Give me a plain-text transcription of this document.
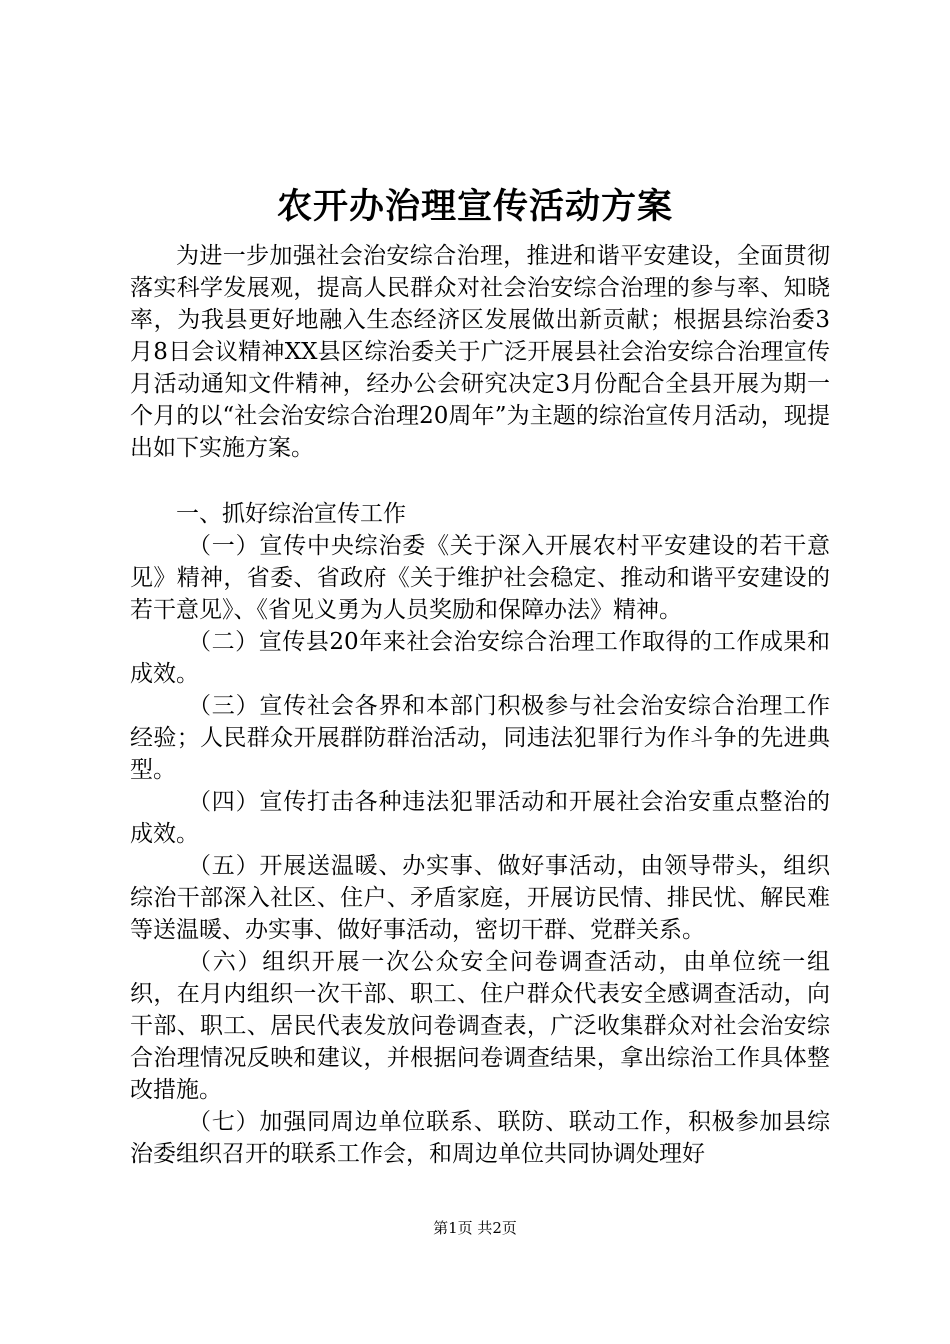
农开办治理宣传活动方案

为进一步加强社会治安综合治理，推进和谐平安建设，全面贯彻落实科学发展观，提高人民群众对社会治安综合治理的参与率、知晓率，为我县更好地融入生态经济区发展做出新贡献；根据县综治委3月8日会议精神XX县区综治委关于广泛开展县社会治安综合治理宣传月活动通知文件精神，经办公会研究决定3月份配合全县开展为期一个月的以“社会治安综合治理20周年”为主题的综治宣传月活动，现提出如下实施方案。

一、抓好综治宣传工作

（一）宣传中央综治委《关于深入开展农村平安建设的若干意见》精神，省委、省政府《关于维护社会稳定、推动和谐平安建设的若干意见》、《省见义勇为人员奖励和保障办法》精神。

（二）宣传县20年来社会治安综合治理工作取得的工作成果和成效。

（三）宣传社会各界和本部门积极参与社会治安综合治理工作经验；人民群众开展群防群治活动，同违法犯罪行为作斗争的先进典型。

（四）宣传打击各种违法犯罪活动和开展社会治安重点整治的成效。

（五）开展送温暖、办实事、做好事活动，由领导带头，组织综治干部深入社区、住户、矛盾家庭，开展访民情、排民忧、解民难等送温暖、办实事、做好事活动，密切干群、党群关系。

（六）组织开展一次公众安全问卷调查活动，由单位统一组织，在月内组织一次干部、职工、住户群众代表安全感调查活动，向干部、职工、居民代表发放问卷调查表，广泛收集群众对社会治安综合治理情况反映和建议，并根据问卷调查结果，拿出综治工作具体整改措施。

（七）加强同周边单位联系、联防、联动工作，积极参加县综治委组织召开的联系工作会，和周边单位共同协调处理好

第1页 共2页
